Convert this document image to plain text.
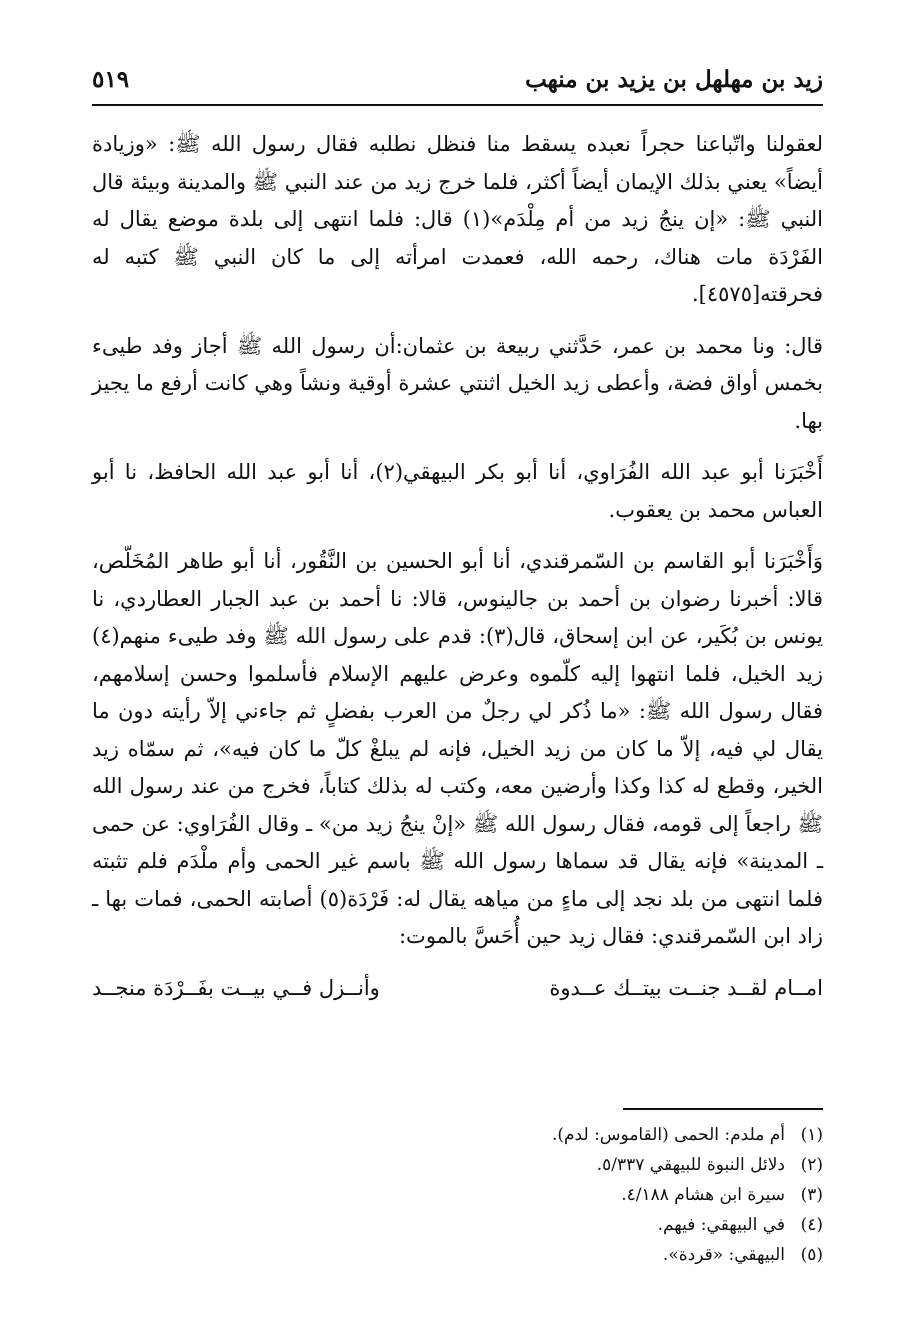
زيد بن مهلهل بن يزيد بن منهب
٥١٩

لعقولنا واتّباعنا حجراً نعبده يسقط منا فنظل نطلبه فقال رسول الله ﷺ: «وزيادة أيضاً» يعني بذلك الإيمان أيضاً أكثر، فلما خرج زيد من عند النبي ﷺ والمدينة وبيئة قال النبي ﷺ: «إن ينجُ زيد من أم مِلْدَم»(١) قال: فلما انتهى إلى بلدة موضع يقال له الفَرْدَة مات هناك، رحمه الله، فعمدت امرأته إلى ما كان النبي ﷺ كتبه له فحرقته[٤٥٧٥].

قال: ونا محمد بن عمر، حَدَّثني ربيعة بن عثمان:أن رسول الله ﷺ أجاز وفد طيىء بخمس أواق فضة، وأعطى زيد الخيل اثنتي عشرة أوقية ونشاً وهي كانت أرفع ما يجيز بها.

أَخْبَرَنا أبو عبد الله الفُرَاوي، أنا أبو بكر البيهقي(٢)، أنا أبو عبد الله الحافظ، نا أبو العباس محمد بن يعقوب.

وَأَخْبَرَنا أبو القاسم بن السّمرقندي، أنا أبو الحسين بن النَّقُور، أنا أبو طاهر المُخَلّص، قالا: أخبرنا رضوان بن أحمد بن جالينوس، قالا: نا أحمد بن عبد الجبار العطاردي، نا يونس بن بُكَير، عن ابن إسحاق، قال(٣): قدم على رسول الله ﷺ وفد طيىء منهم(٤) زيد الخيل، فلما انتهوا إليه كلّموه وعرض عليهم الإسلام فأسلموا وحسن إسلامهم، فقال رسول الله ﷺ: «ما ذُكر لي رجلٌ من العرب بفضلٍ ثم جاءني إلاّ رأيته دون ما يقال لي فيه، إلاّ ما كان من زيد الخيل، فإنه لم يبلغْ كلّ ما كان فيه»، ثم سمّاه زيد الخير، وقطع له كذا وكذا وأرضين معه، وكتب له بذلك كتاباً، فخرج من عند رسول الله ﷺ راجعاً إلى قومه، فقال رسول الله ﷺ «إنْ ينجُ زيد من» ـ وقال الفُرَاوي: عن حمى ـ المدينة» فإنه يقال قد سماها رسول الله ﷺ باسم غير الحمى وأم ملْدَم فلم تثبته فلما انتهى من بلد نجد إلى ماءٍ من مياهه يقال له: فَرْدَة(٥) أصابته الحمى، فمات بها ـ زاد ابن السّمرقندي: فقال زيد حين أُحَسَّ بالموت:

امــام لقــد جنــت بيتــك عــدوة
وأنــزل فــي بيــت بفَــرْدَة منجــد
(١)
أم ملدم: الحمى (القاموس: لدم).
(٢)
دلائل النبوة للبيهقي ٥/٣٣٧.
(٣)
سيرة ابن هشام ٤/١٨٨.
(٤)
في البيهقي: فيهم.
(٥)
البيهقي: «قردة».
